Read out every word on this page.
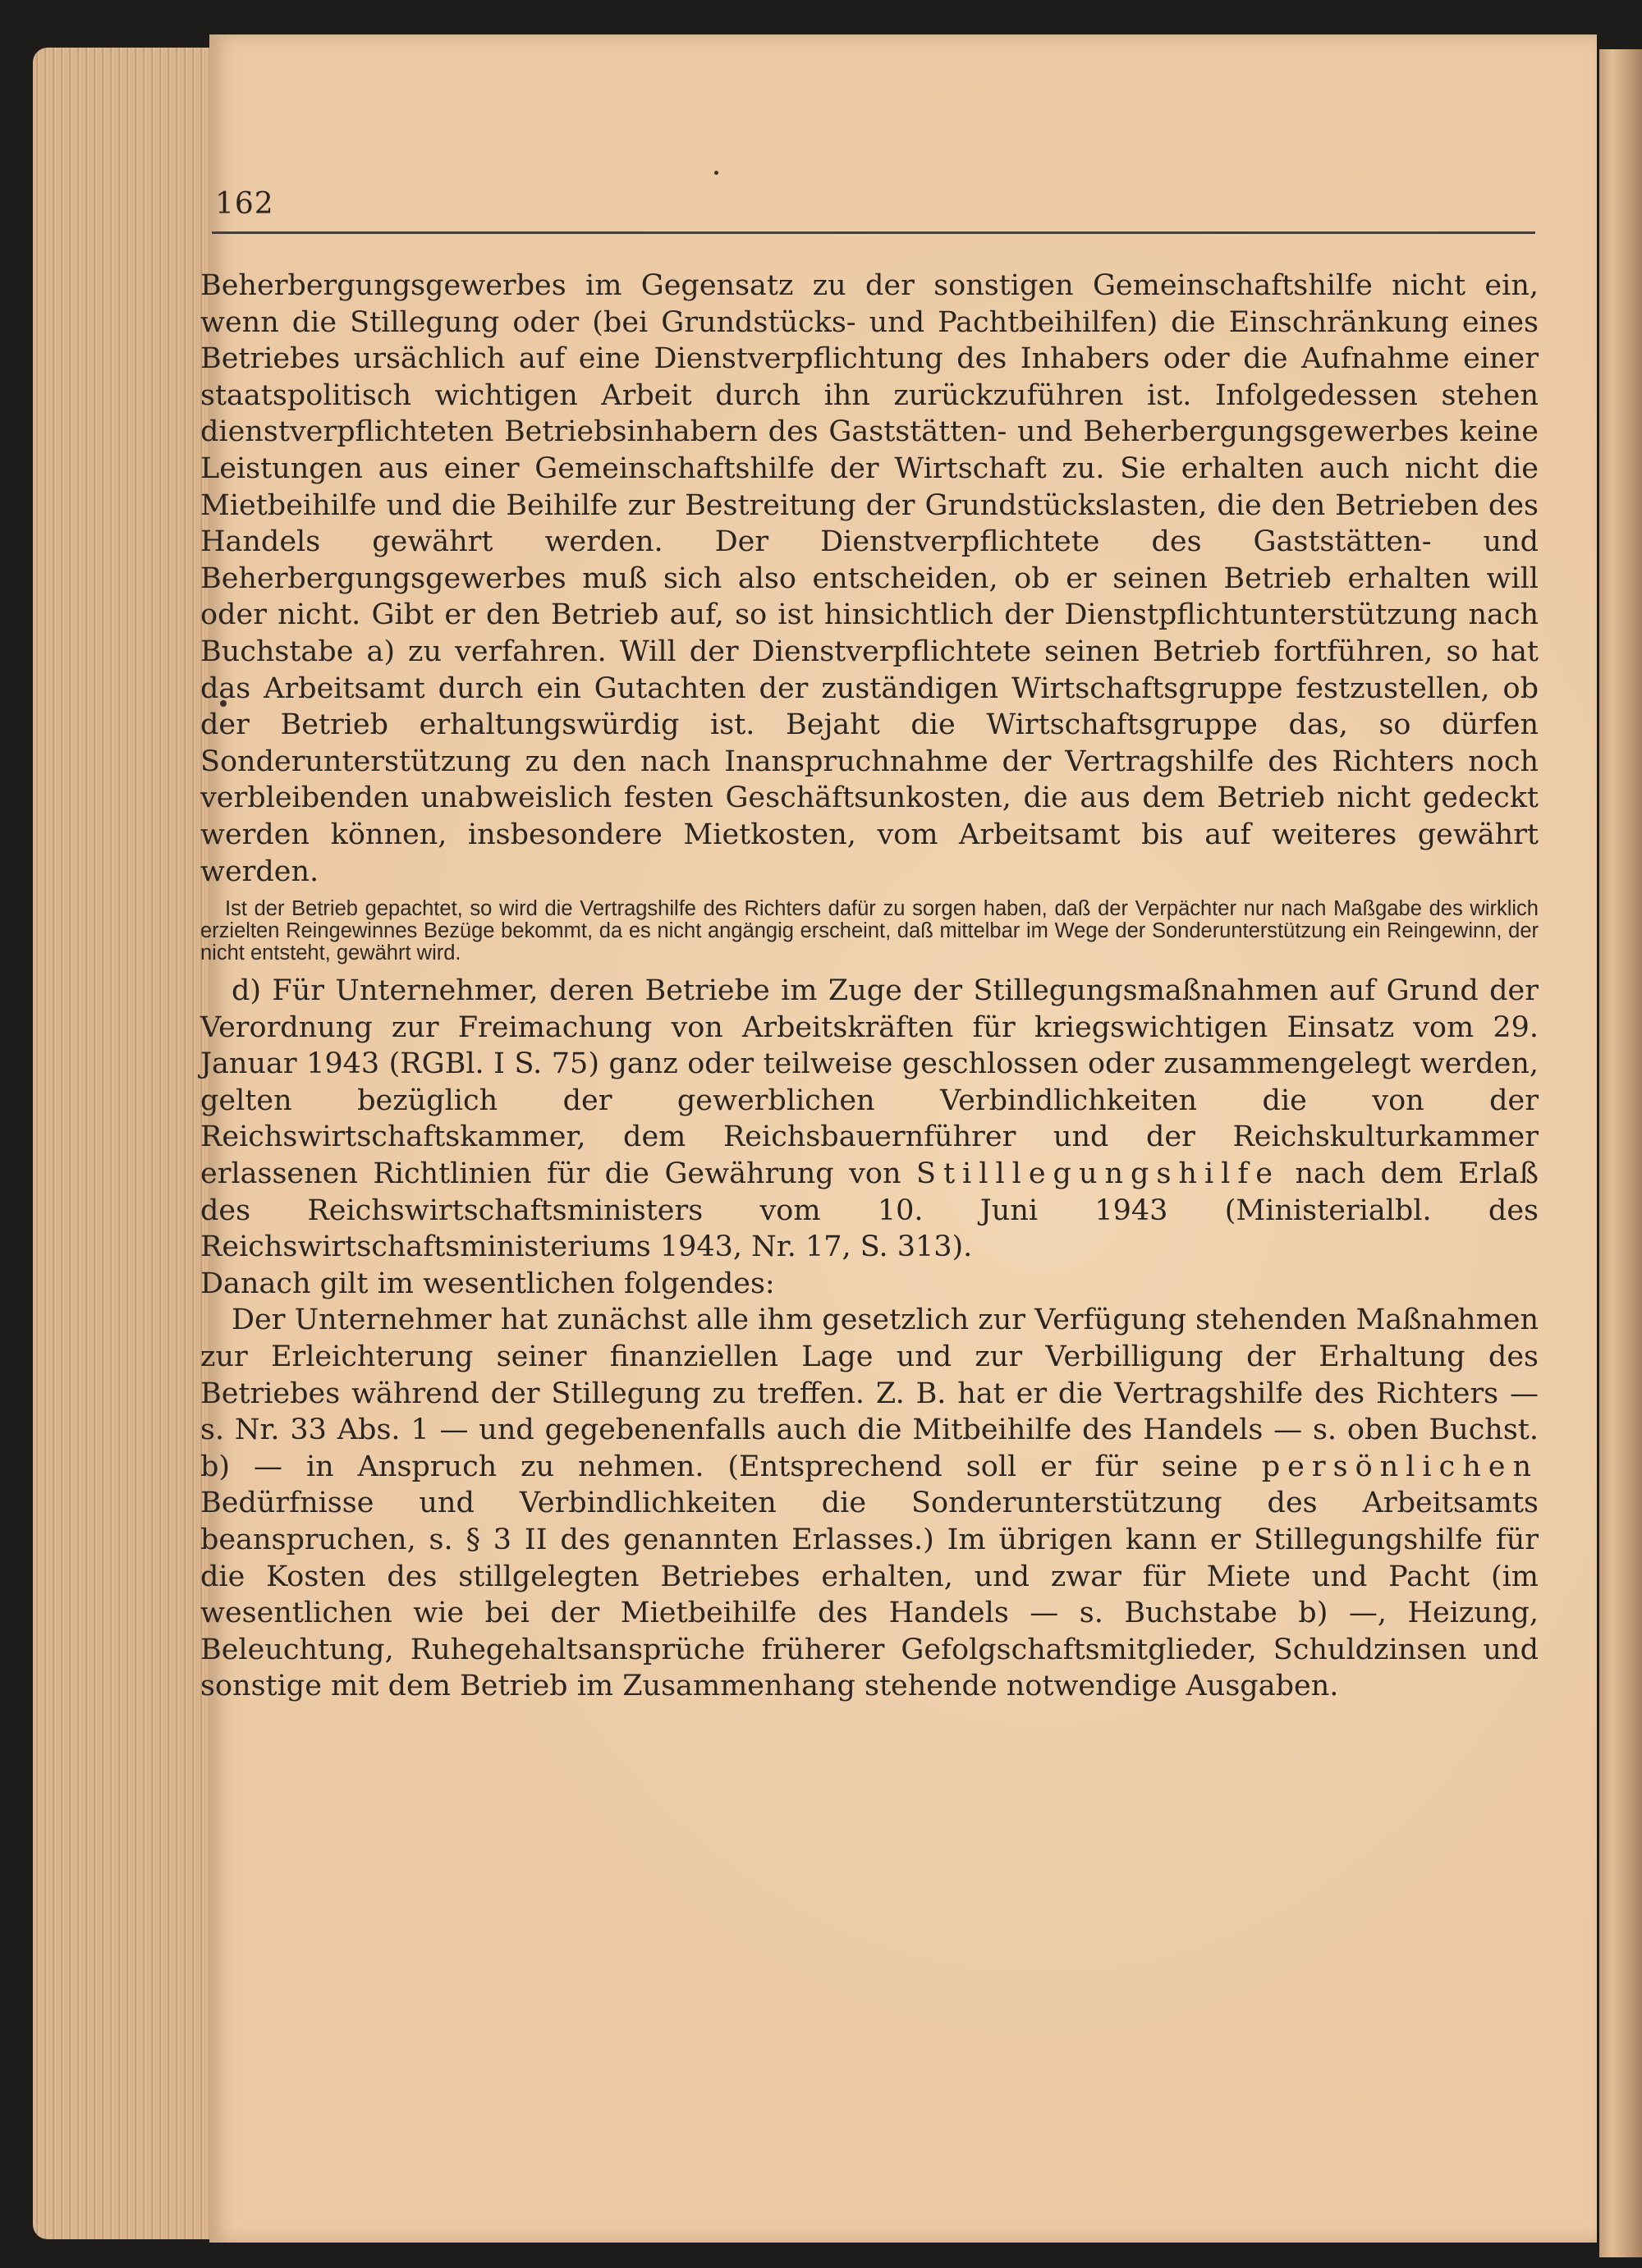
162

Beherbergungsgewerbes im Gegensatz zu der sonstigen Gemeinschaftshilfe nicht ein, wenn die Stillegung oder (bei Grundstücks- und Pachtbeihilfen) die Einschränkung eines Betriebes ursächlich auf eine Dienstverpflichtung des Inhabers oder die Aufnahme einer staatspolitisch wichtigen Arbeit durch ihn zurückzuführen ist. Infolgedessen stehen dienstverpflichteten Betriebsinhabern des Gaststätten- und Beherbergungsgewerbes keine Leistungen aus einer Gemeinschaftshilfe der Wirtschaft zu. Sie erhalten auch nicht die Mietbeihilfe und die Beihilfe zur Bestreitung der Grundstückslasten, die den Betrieben des Handels gewährt werden. Der Dienstverpflichtete des Gaststätten- und Beherbergungsgewerbes muß sich also entscheiden, ob er seinen Betrieb erhalten will oder nicht. Gibt er den Betrieb auf, so ist hinsichtlich der Dienstpflichtunterstützung nach Buchstabe a) zu verfahren. Will der Dienstverpflichtete seinen Betrieb fortführen, so hat das Arbeitsamt durch ein Gutachten der zuständigen Wirtschaftsgruppe festzustellen, ob der Betrieb erhaltungswürdig ist. Bejaht die Wirtschaftsgruppe das, so dürfen Sonderunterstützung zu den nach Inanspruchnahme der Vertragshilfe des Richters noch verbleibenden unabweislich festen Geschäftsunkosten, die aus dem Betrieb nicht gedeckt werden können, insbesondere Mietkosten, vom Arbeitsamt bis auf weiteres gewährt werden.

Ist der Betrieb gepachtet, so wird die Vertragshilfe des Richters dafür zu sorgen haben, daß der Verpächter nur nach Maßgabe des wirklich erzielten Reingewinnes Bezüge bekommt, da es nicht angängig erscheint, daß mittelbar im Wege der Sonderunterstützung ein Reingewinn, der nicht entsteht, gewährt wird.

d) Für Unternehmer, deren Betriebe im Zuge der Stillegungsmaßnahmen auf Grund der Verordnung zur Freimachung von Arbeitskräften für kriegswichtigen Einsatz vom 29. Januar 1943 (RGBl. I S. 75) ganz oder teilweise geschlossen oder zusammengelegt werden, gelten bezüglich der gewerblichen Verbindlichkeiten die von der Reichswirtschaftskammer, dem Reichsbauernführer und der Reichskulturkammer erlassenen Richtlinien für die Gewährung von Stilllegungshilfe nach dem Erlaß des Reichswirtschaftsministers vom 10. Juni 1943 (Ministerialbl. des Reichswirtschaftsministeriums 1943, Nr. 17, S. 313).

Danach gilt im wesentlichen folgendes:

Der Unternehmer hat zunächst alle ihm gesetzlich zur Verfügung stehenden Maßnahmen zur Erleichterung seiner finanziellen Lage und zur Verbilligung der Erhaltung des Betriebes während der Stillegung zu treffen. Z. B. hat er die Vertragshilfe des Richters — s. Nr. 33 Abs. 1 — und gegebenenfalls auch die Mitbeihilfe des Handels — s. oben Buchst. b) — in Anspruch zu nehmen. (Entsprechend soll er für seine persönlichen Bedürfnisse und Verbindlichkeiten die Sonderunterstützung des Arbeitsamts beanspruchen, s. § 3 II des genannten Erlasses.) Im übrigen kann er Stillegungshilfe für die Kosten des stillgelegten Betriebes erhalten, und zwar für Miete und Pacht (im wesentlichen wie bei der Mietbeihilfe des Handels — s. Buchstabe b) —, Heizung, Beleuchtung, Ruhegehaltsansprüche früherer Gefolgschaftsmitglieder, Schuldzinsen und sonstige mit dem Betrieb im Zusammenhang stehende notwendige Ausgaben.
